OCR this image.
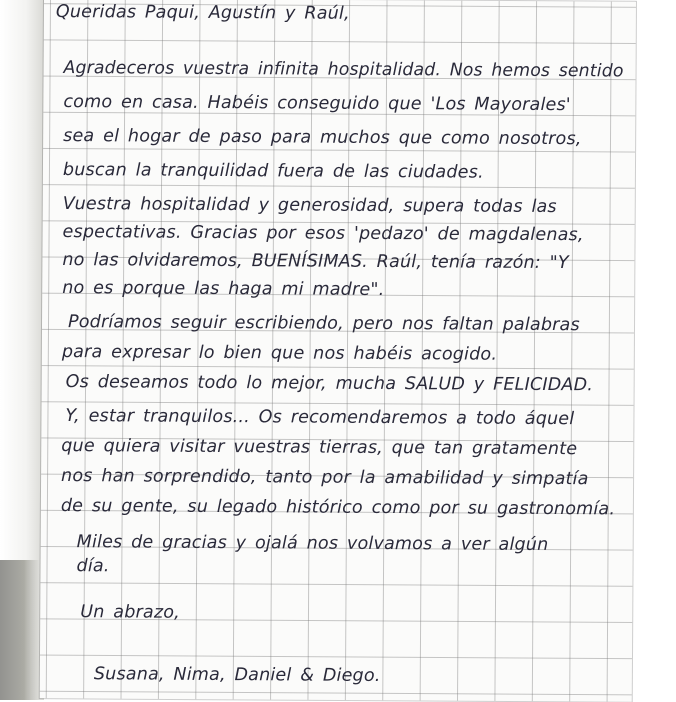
Queridas Paqui, Agustín y Raúl,
Agradeceros vuestra infinita hospitalidad. Nos hemos sentido
como en casa. Habéis conseguido que 'Los Mayorales'
sea el hogar de paso para muchos que como nosotros,
buscan la tranquilidad fuera de las ciudades.
Vuestra hospitalidad y generosidad, supera todas las
espectativas. Gracias por esos 'pedazo' de magdalenas,
no las olvidaremos, BUENÍSIMAS. Raúl, tenía razón: "Y
no es porque las haga mi madre".
Podríamos seguir escribiendo, pero nos faltan palabras
para expresar lo bien que nos habéis acogido.
Os deseamos todo lo mejor, mucha SALUD y FELICIDAD.
Y, estar tranquilos... Os recomendaremos a todo áquel
que quiera visitar vuestras tierras, que tan gratamente
nos han sorprendido, tanto por la amabilidad y simpatía
de su gente, su legado histórico como por su gastronomía.
Miles de gracias y ojalá nos volvamos a ver algún
día.
Un abrazo,
Susana, Nima, Daniel & Diego.
